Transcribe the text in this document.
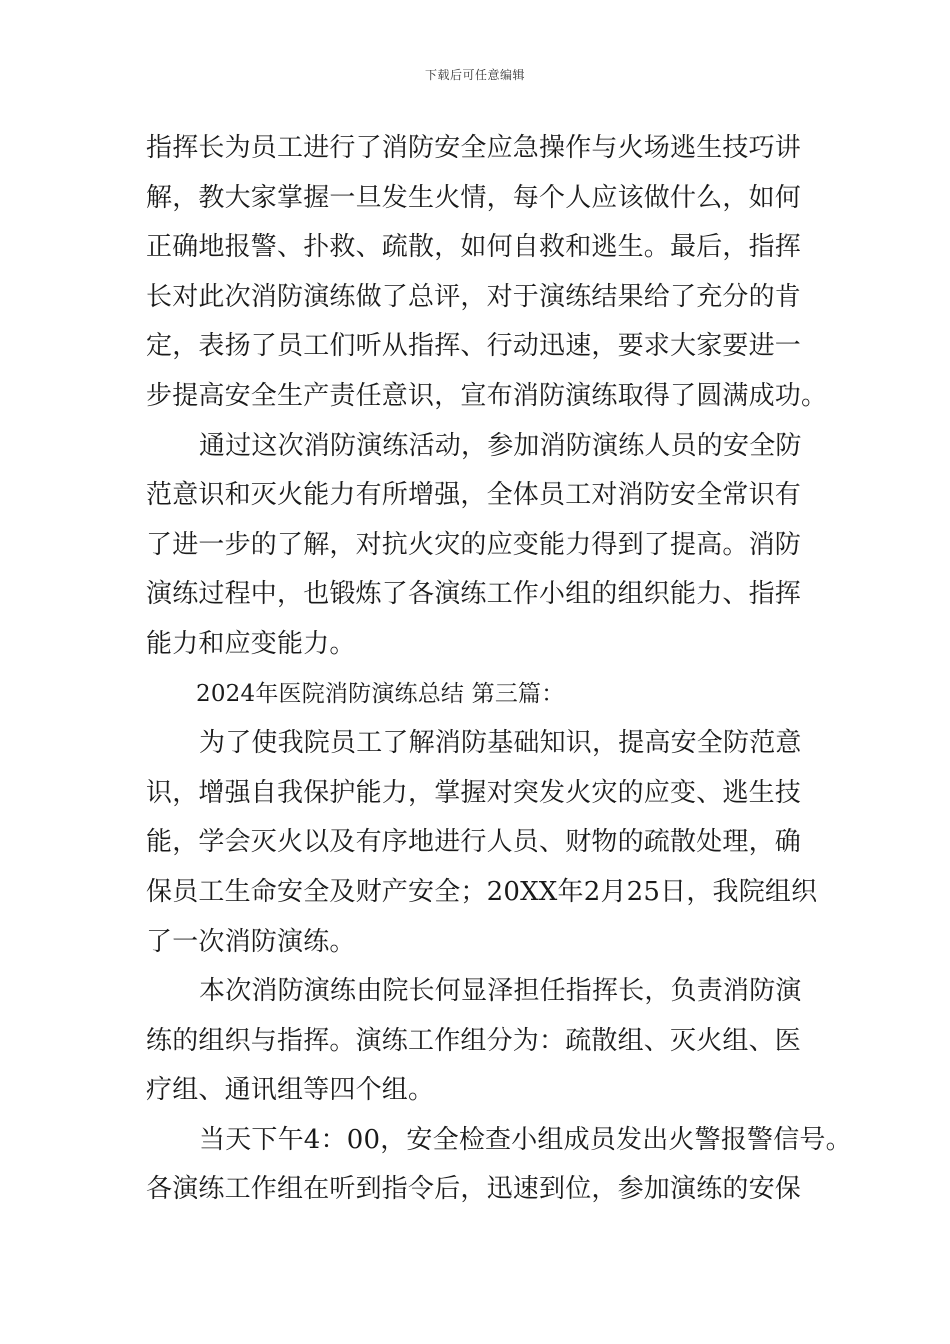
下载后可任意编辑
指挥长为员工进行了消防安全应急操作与火场逃生技巧讲
解，教大家掌握一旦发生火情，每个人应该做什么，如何
正确地报警、扑救、疏散，如何自救和逃生。最后，指挥
长对此次消防演练做了总评，对于演练结果给了充分的肯
定，表扬了员工们听从指挥、行动迅速，要求大家要进一
步提高安全生产责任意识，宣布消防演练取得了圆满成功。
通过这次消防演练活动，参加消防演练人员的安全防
范意识和灭火能力有所增强，全体员工对消防安全常识有
了进一步的了解，对抗火灾的应变能力得到了提高。消防
演练过程中，也锻炼了各演练工作小组的组织能力、指挥
能力和应变能力。
2024年医院消防演练总结 第三篇：
为了使我院员工了解消防基础知识，提高安全防范意
识，增强自我保护能力，掌握对突发火灾的应变、逃生技
能，学会灭火以及有序地进行人员、财物的疏散处理，确
保员工生命安全及财产安全；20XX年2月25日，我院组织
了一次消防演练。
本次消防演练由院长何显泽担任指挥长，负责消防演
练的组织与指挥。演练工作组分为：疏散组、灭火组、医
疗组、通讯组等四个组。
当天下午4：00，安全检查小组成员发出火警报警信号。
各演练工作组在听到指令后，迅速到位，参加演练的安保
